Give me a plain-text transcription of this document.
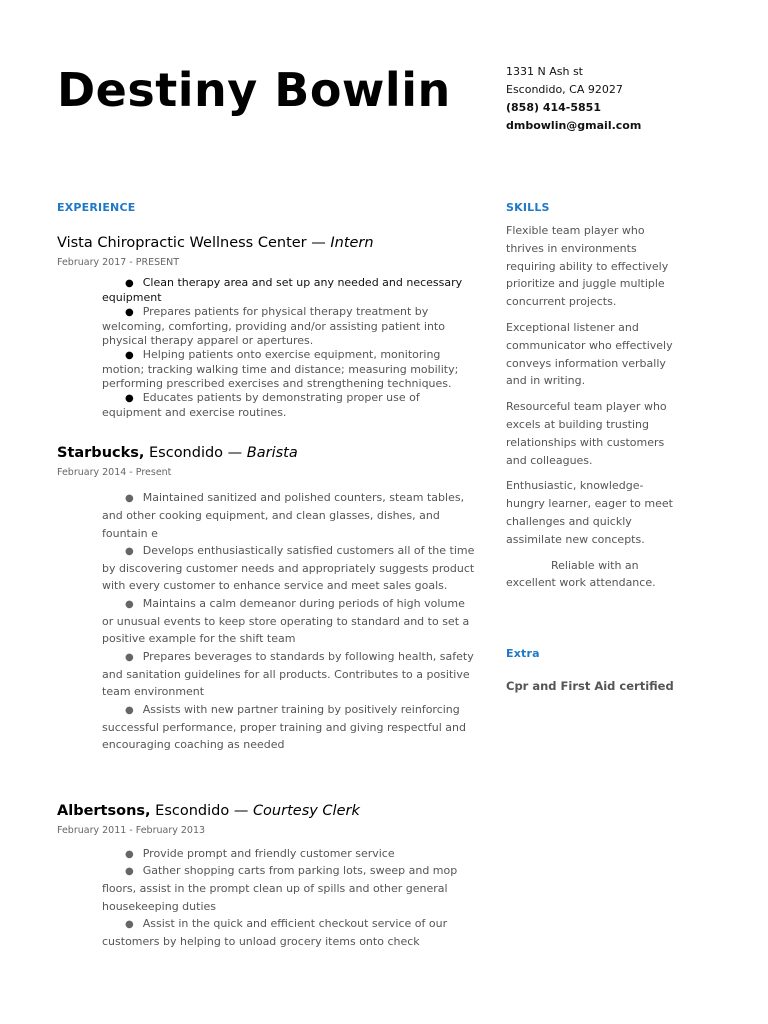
Destiny Bowlin	1331 N Ash st
Escondido, CA 92027
(858) 414-5851
dmbowlin@gmail.com
EXPERIENCE	SKILLS
Extra
Vista Chiropractic Wellness Center — Intern
February 2017 - PRESENT
● Clean therapy area and set up any needed and necessary equipment
● Prepares patients for physical therapy treatment by welcoming, comforting, providing and/or assisting patient into physical therapy apparel or apertures.
● Helping patients onto exercise equipment, monitoring motion; tracking walking time and distance; measuring mobility; performing prescribed exercises and strengthening techniques.
● Educates patients by demonstrating proper use of equipment and exercise routines.
Starbucks, Escondido — Barista
February 2014 - Present
● Maintained sanitized and polished counters, steam tables, and other cooking equipment, and clean glasses, dishes, and fountain e
● Develops enthusiastically satisfied customers all of the time by discovering customer needs and appropriately suggests product with every customer to enhance service and meet sales goals.
● Maintains a calm demeanor during periods of high volume or unusual events to keep store operating to standard and to set a positive example for the shift team
● Prepares beverages to standards by following health, safety and sanitation guidelines for all products. Contributes to a positive team environment
● Assists with new partner training by positively reinforcing successful performance, proper training and giving respectful and encouraging coaching as needed
Albertsons, Escondido — Courtesy Clerk
February 2011 - February 2013
● Provide prompt and friendly customer service
● Gather shopping carts from parking lots, sweep and mop floors, assist in the prompt clean up of spills and other general housekeeping duties
● Assist in the quick and efficient checkout service of our customers by helping to unload grocery items onto check

Flexible team player who thrives in environments requiring ability to effectively prioritize and juggle multiple concurrent projects.

Exceptional listener and communicator who effectively conveys information verbally and in writing.

Resourceful team player who excels at building trusting relationships with customers and colleagues.

Enthusiastic, knowledge-hungry learner, eager to meet challenges and quickly assimilate new concepts.

Reliable with an excellent work attendance.

Cpr and First Aid certified
